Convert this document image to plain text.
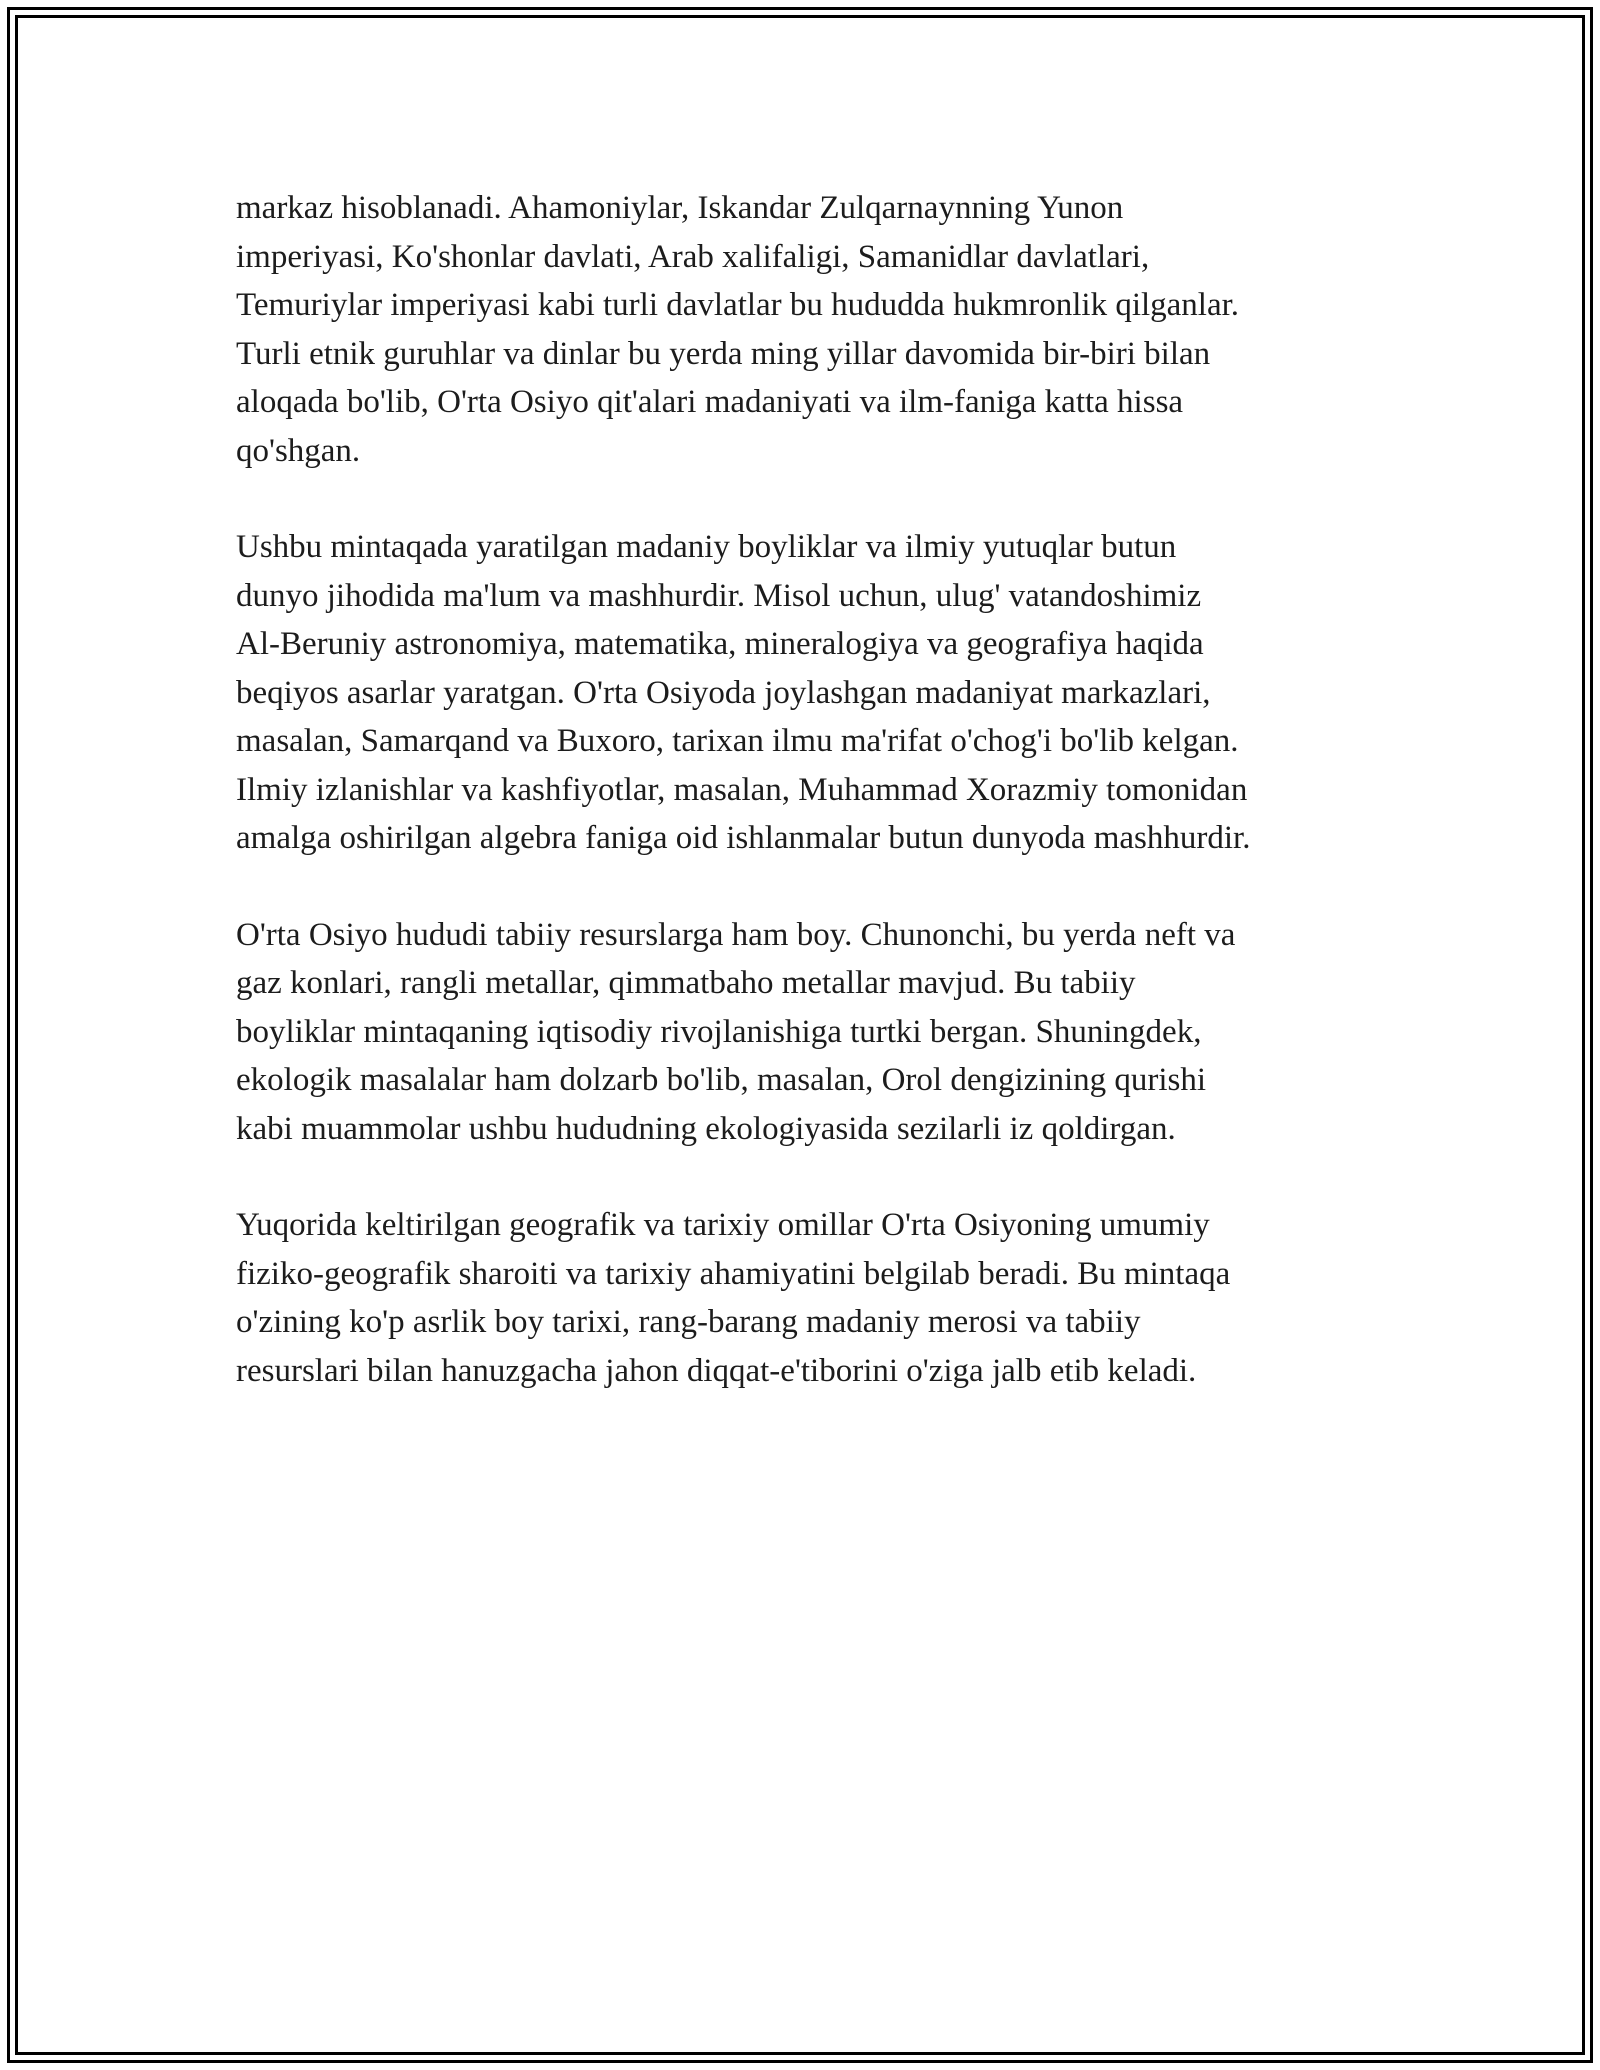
markaz hisoblanadi. Ahamoniylar, Iskandar Zulqarnaynning Yunon
imperiyasi, Ko'shonlar davlati, Arab xalifaligi, Samanidlar davlatlari,
Temuriylar imperiyasi kabi turli davlatlar bu hududda hukmronlik qilganlar.
Turli etnik guruhlar va dinlar bu yerda ming yillar davomida bir-biri bilan
aloqada bo'lib, O'rta Osiyo qit'alari madaniyati va ilm-faniga katta hissa
qo'shgan.

Ushbu mintaqada yaratilgan madaniy boyliklar va ilmiy yutuqlar butun
dunyo jihodida ma'lum va mashhurdir. Misol uchun, ulug' vatandoshimiz
Al-Beruniy astronomiya, matematika, mineralogiya va geografiya haqida
beqiyos asarlar yaratgan. O'rta Osiyoda joylashgan madaniyat markazlari,
masalan, Samarqand va Buxoro, tarixan ilmu ma'rifat o'chog'i bo'lib kelgan.
Ilmiy izlanishlar va kashfiyotlar, masalan, Muhammad Xorazmiy tomonidan
amalga oshirilgan algebra faniga oid ishlanmalar butun dunyoda mashhurdir.

O'rta Osiyo hududi tabiiy resurslarga ham boy. Chunonchi, bu yerda neft va
gaz konlari, rangli metallar, qimmatbaho metallar mavjud. Bu tabiiy
boyliklar mintaqaning iqtisodiy rivojlanishiga turtki bergan. Shuningdek,
ekologik masalalar ham dolzarb bo'lib, masalan, Orol dengizining qurishi
kabi muammolar ushbu hududning ekologiyasida sezilarli iz qoldirgan.

Yuqorida keltirilgan geografik va tarixiy omillar O'rta Osiyoning umumiy
fiziko-geografik sharoiti va tarixiy ahamiyatini belgilab beradi. Bu mintaqa
o'zining ko'p asrlik boy tarixi, rang-barang madaniy merosi va tabiiy
resurslari bilan hanuzgacha jahon diqqat-e'tiborini o'ziga jalb etib keladi.
